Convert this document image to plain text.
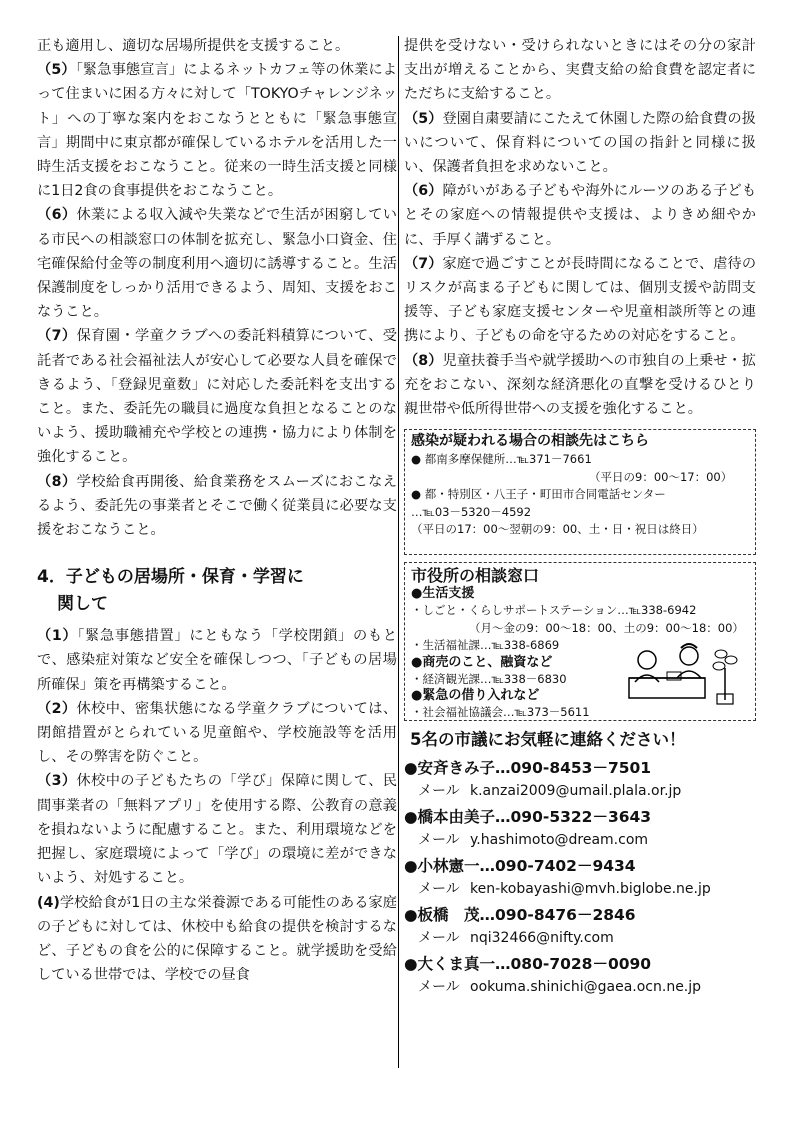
正も適用し、適切な居場所提供を支援すること。

（5）「緊急事態宣言」によるネットカフェ等の休業によって住まいに困る方々に対して「TOKYOチャレンジネット」への丁寧な案内をおこなうとともに「緊急事態宣言」期間中に東京都が確保しているホテルを活用した一時生活支援をおこなうこと。従来の一時生活支援と同様に1日2食の食事提供をおこなうこと。

（6）休業による収入減や失業などで生活が困窮している市民への相談窓口の体制を拡充し、緊急小口資金、住宅確保給付金等の制度利用へ適切に誘導すること。生活保護制度をしっかり活用できるよう、周知、支援をおこなうこと。

（7）保育園・学童クラブへの委託料積算について、受託者である社会福祉法人が安心して必要な人員を確保できるよう、「登録児童数」に対応した委託料を支出すること。また、委託先の職員に過度な負担となることのないよう、援助職補充や学校との連携・協力により体制を強化すること。

（8）学校給食再開後、給食業務をスムーズにおこなえるよう、委託先の事業者とそこで働く従業員に必要な支援をおこなうこと。

4．子どもの居場所・保育・学習に
関して

（1）「緊急事態措置」にともなう「学校閉鎖」のもとで、感染症対策など安全を確保しつつ、「子どもの居場所確保」策を再構築すること。

（2）休校中、密集状態になる学童クラブについては、閉館措置がとられている児童館や、学校施設等を活用し、その弊害を防ぐこと。

（3）休校中の子どもたちの「学び」保障に関して、民間事業者の「無料アプリ」を使用する際、公教育の意義を損ねないように配慮すること。また、利用環境などを把握し、家庭環境によって「学び」の環境に差ができないよう、対処すること。

(4)学校給食が1日の主な栄養源である可能性のある家庭の子どもに対しては、休校中も給食の提供を検討するなど、子どもの食を公的に保障すること。就学援助を受給している世帯では、学校での昼食

提供を受けない・受けられないときにはその分の家計支出が増えることから、実費支給の給食費を認定者にただちに支給すること。

（5）登園自粛要請にこたえて休園した際の給食費の扱いについて、保育料についての国の指針と同様に扱い、保護者負担を求めないこと。

（6）障がいがある子どもや海外にルーツのある子どもとその家庭への情報提供や支援は、よりきめ細やかに、手厚く講ずること。

（7）家庭で過ごすことが長時間になることで、虐待のリスクが高まる子どもに関しては、個別支援や訪問支援等、子ども家庭支援センターや児童相談所等との連携により、子どもの命を守るための対応をすること。

（8）児童扶養手当や就学援助への市独自の上乗せ・拡充をおこない、深刻な経済悪化の直撃を受けるひとり親世帯や低所得世帯への支援を強化すること。

感染が疑われる場合の相談先はこちら
● 都南多摩保健所…℡371－7661
（平日の9：00～17：00）
● 都・特別区・八王子・町田市合同電話センター
…℡03－5320－4592
（平日の17：00～翌朝の9：00、土・日・祝日は終日）
市役所の相談窓口
●生活支援
・しごと・くらしサポートステーション…℡338-6942
（月～金の9：00～18：00、土の9：00～18：00）
・生活福祉課…℡338-6869
●商売のこと、融資など
・経済観光課…℡338－6830
●緊急の借り入れなど
・社会福祉協議会…℡373－5611
5名の市議にお気軽に連絡ください！
●安斉きみ子…090-8453－7501
メール k.anzai2009@umail.plala.or.jp
●橋本由美子…090-5322－3643
メール y.hashimoto@dream.com
●小林憲一…090-7402－9434
メール ken-kobayashi@mvh.biglobe.ne.jp
●板橋　茂…090-8476－2846
メール nqi32466@nifty.com
●大くま真一…080-7028－0090
メール ookuma.shinichi@gaea.ocn.ne.jp
